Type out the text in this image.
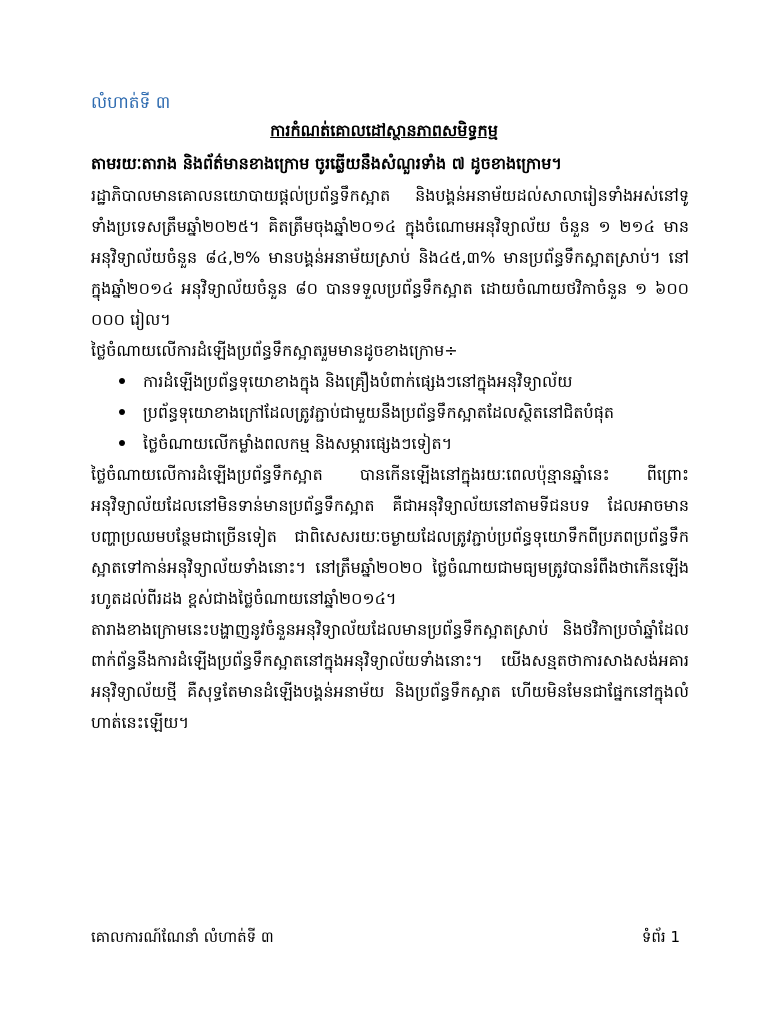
លំហាត់ទី ៣
ការកំណត់គោលដៅស្ថានភាពសមិទ្ធកម្ម
តាមរយៈតារាង និងព័ត៌មានខាងក្រោម ចូរឆ្លើយនឹងសំណួរទាំង ៧ ដូចខាងក្រោម។

រដ្ឋាភិបាលមានគោលនយោបាយផ្តល់ប្រព័ន្ធទឹកស្អាត និងបង្គន់អនាម័យដល់សាលារៀនទាំងអស់នៅទូទាំងប្រទេសត្រឹមឆ្នាំ២០២៥។ គិតត្រឹមចុងឆ្នាំ២០១៤ ក្នុងចំណោមអនុវិទ្យាល័យ ចំនួន ១ ២១៤ មានអនុវិទ្យាល័យចំនួន ៨៤,២% មានបង្គន់អនាម័យស្រាប់ និង៤៥,៣% មានប្រព័ន្ធទឹកស្អាតស្រាប់។ នៅក្នុងឆ្នាំ២០១៤ អនុវិទ្យាល័យចំនួន ៨០ បានទទួលប្រព័ន្ធទឹកស្អាត ដោយចំណាយថវិកាចំនួន ១ ៦០០ ០០០ រៀល។

ថ្លៃចំណាយលើការដំឡើងប្រព័ន្ធទឹកស្អាតរួមមានដូចខាងក្រោម÷

ការដំឡើងប្រព័ន្ធទុយោខាងក្នុង និងគ្រឿងបំពាក់ផ្សេងៗនៅក្នុងអនុវិទ្យាល័យ
ប្រព័ន្ធទុយោខាងក្រៅដែលត្រូវភ្ជាប់ជាមួយនឹងប្រព័ន្ធទឹកស្អាតដែលស្ថិតនៅជិតបំផុត
ថ្លៃចំណាយលើកម្លាំងពលកម្ម និងសម្ភារផ្សេងៗទៀត។

ថ្លៃចំណាយលើការដំឡើងប្រព័ន្ធទឹកស្អាត បានកើនឡើងនៅក្នុងរយៈពេលប៉ុន្មានឆ្នាំនេះ ពីព្រោះអនុវិទ្យាល័យដែលនៅមិនទាន់មានប្រព័ន្ធទឹកស្អាត គឺជាអនុវិទ្យាល័យនៅតាមទីជនបទ ដែលអាចមានបញ្ហាប្រឈមបន្ថែមជាច្រើនទៀត ជាពិសេសរយៈចម្ងាយដែលត្រូវភ្ជាប់ប្រព័ន្ធទុយោទឹកពីប្រភពប្រព័ន្ធទឹកស្អាតទៅកាន់អនុវិទ្យាល័យទាំងនោះ។ នៅត្រឹមឆ្នាំ២០២០ ថ្លៃចំណាយជាមធ្យមត្រូវបានរំពឹងថាកើនឡើងរហូតដល់ពីរដង ខ្ពស់ជាងថ្លៃចំណាយនៅឆ្នាំ២០១៤។

តារាងខាងក្រោមនេះបង្ហាញនូវចំនួនអនុវិទ្យាល័យដែលមានប្រព័ន្ធទឹកស្អាតស្រាប់ និងថវិកាប្រចាំឆ្នាំដែលពាក់ព័ន្ធនឹងការដំឡើងប្រព័ន្ធទឹកស្អាតនៅក្នុងអនុវិទ្យាល័យទាំងនោះ។ យើងសន្មតថាការសាងសង់អគារអនុវិទ្យាល័យថ្មី គឺសុទ្ធតែមានដំឡើងបង្គន់អនាម័យ និងប្រព័ន្ធទឹកស្អាត ហើយមិនមែនជាផ្នែកនៅក្នុងលំហាត់នេះឡើយ។

គោលការណ៍ណែនាំ លំហាត់ទី ៣	ទំព័រ 1
